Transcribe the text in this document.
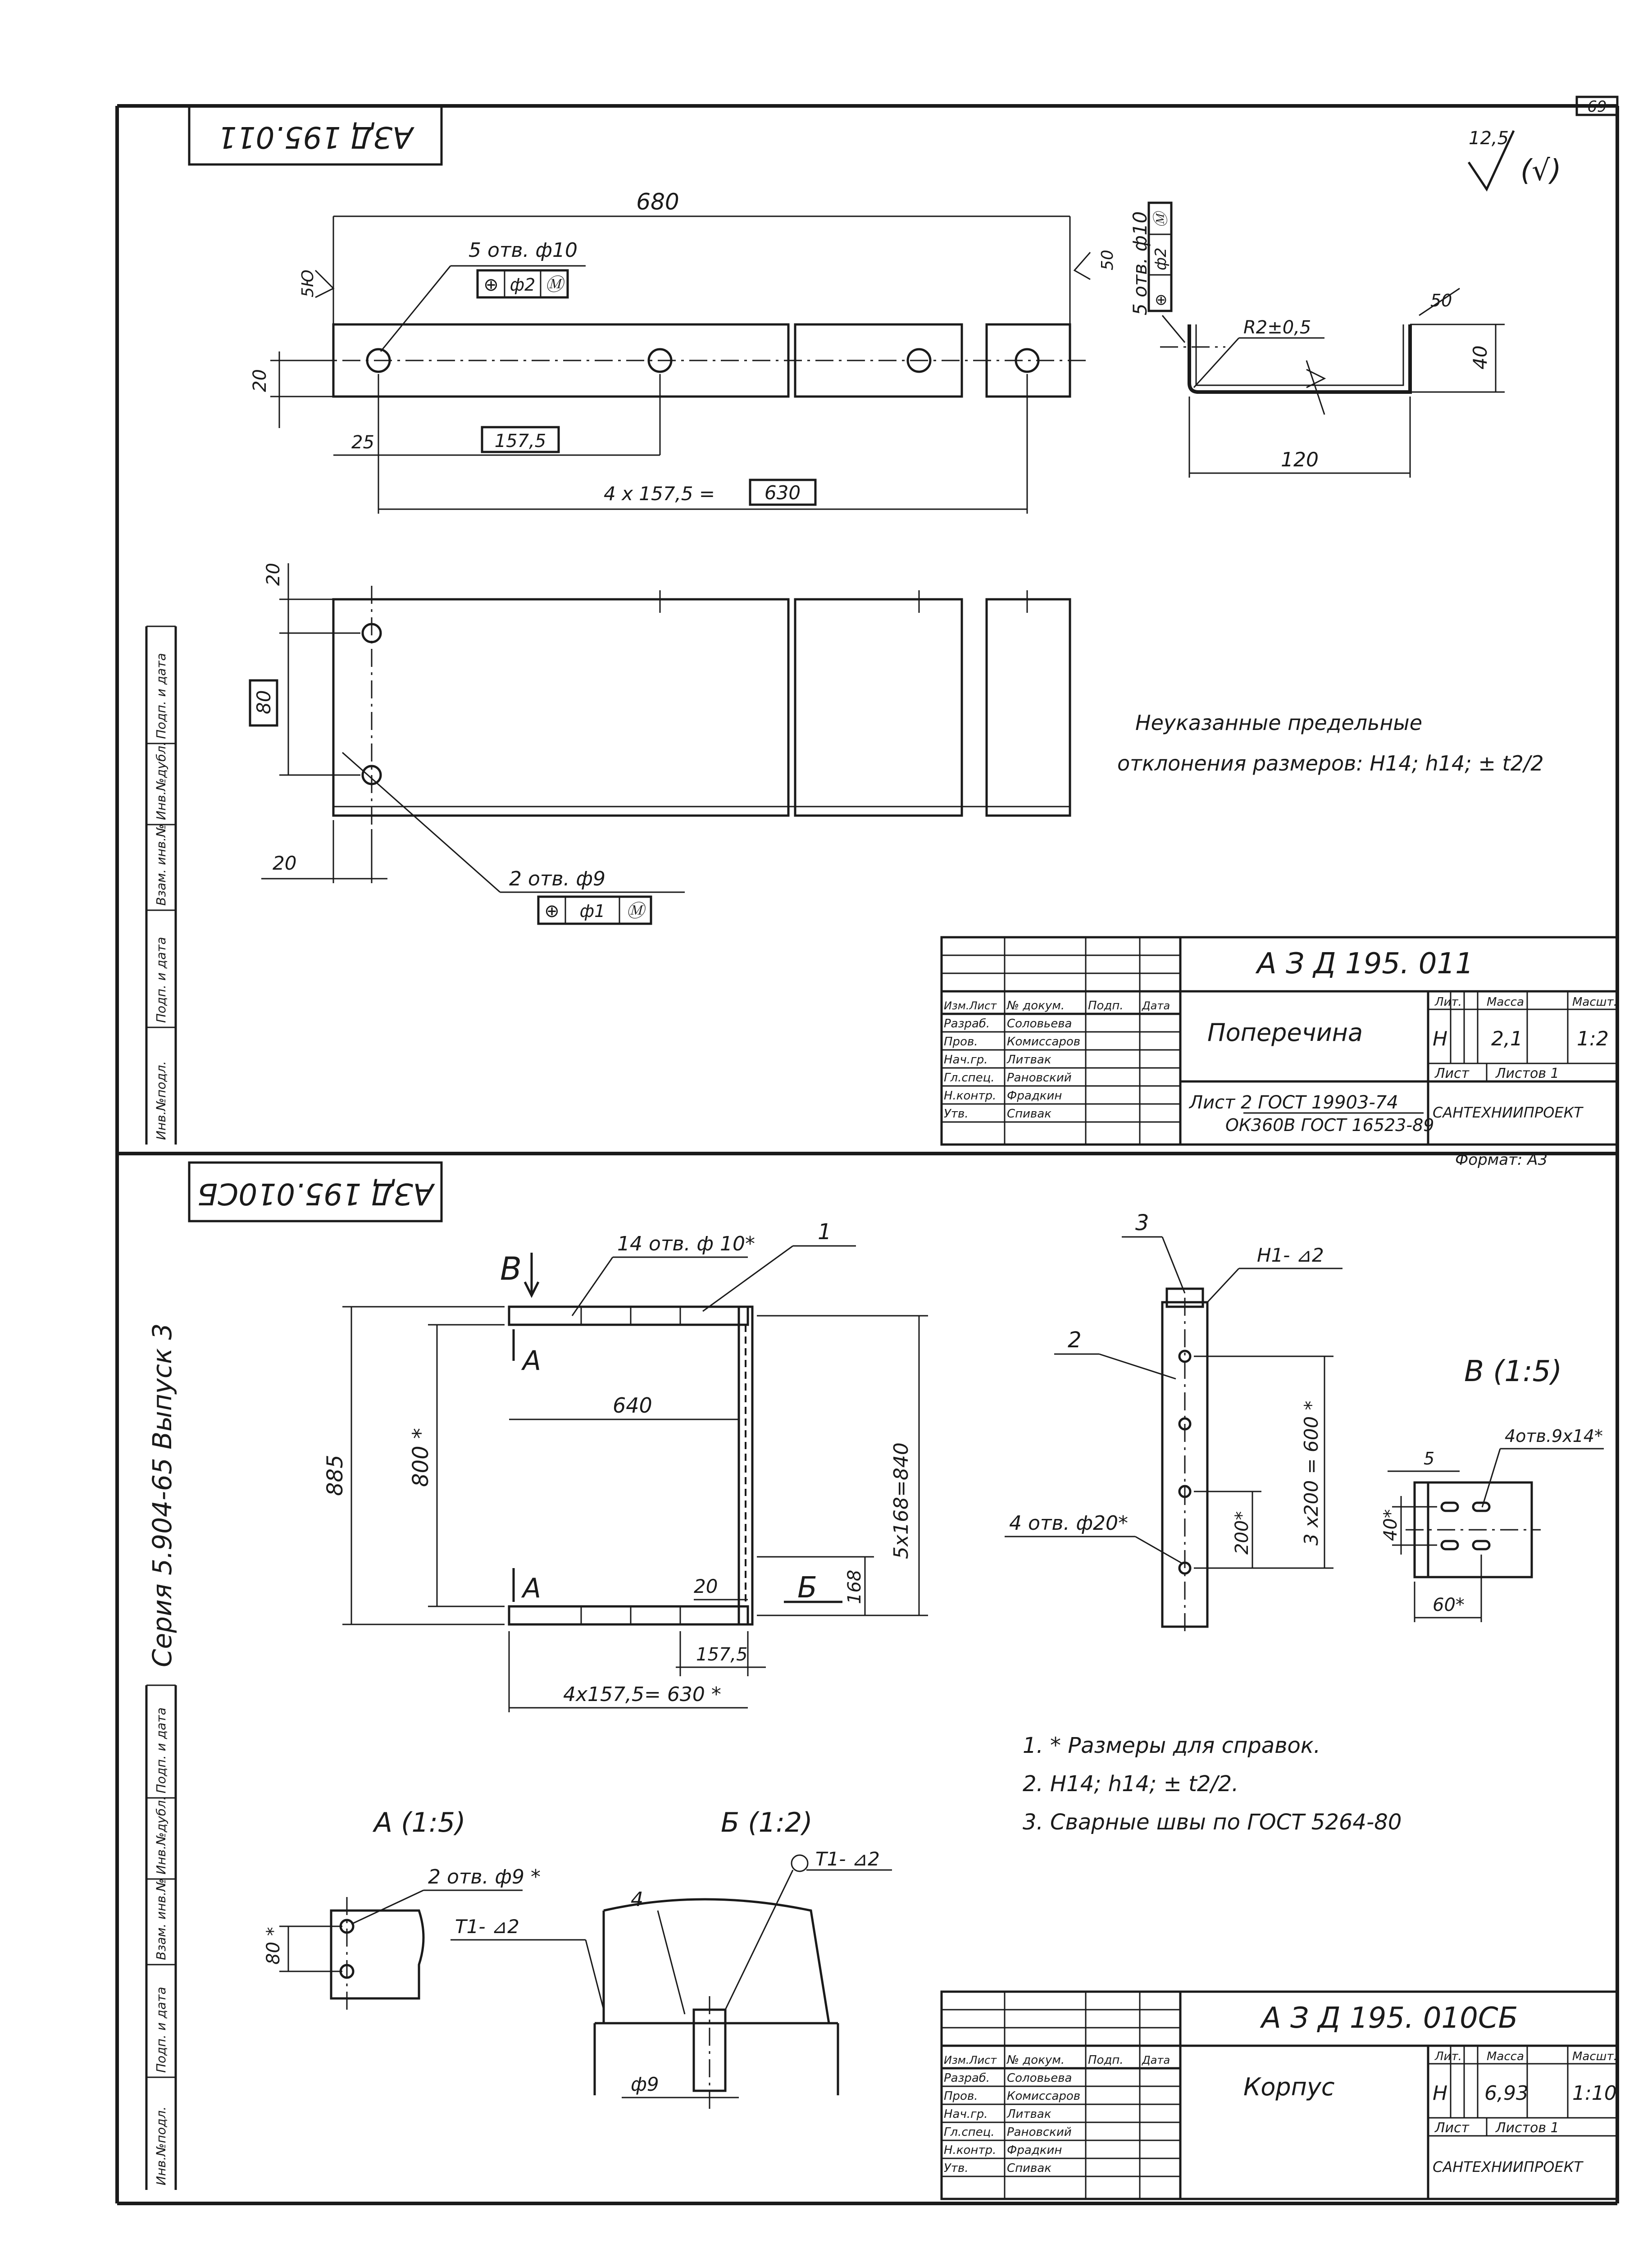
69
Подп. и дата
Инв.№дубл.
Взам. инв.№
Подп. и дата
Инв.№подл.
Подп. и дата
Инв.№дубл.
Взам. инв.№
Подп. и дата
Инв.№подл.
Серия 5.904-65 Выпуск 3
АЗД 195.011	12,5
(√)
680
5 отв. ф10
⊕ ф2 Ⓜ
5Ю
50
20
25	157,5
4 х 157,5 =	630
5 отв. ф10 Ⓜ
ф2
⊕
R2±0,5
120
40
50
20
80
20
2 отв. ф9
⊕ ф1 Ⓜ
Неуказанные предельные
отклонения размеров: Н14; h14; ± t2/2
Изм.Лист № докум. Подп. Дата
Разраб. Соловьева
Пров. Комиссаров
Нач.гр. Литвак
Гл.спец. Рановский
Н.контр. Фрадкин
Утв.	Спивак
А З Д 195. 011
Поперечина
Лит. Масса	Масшт.
Н 2,1	1:2
Лист Листов 1
Лист 2 ГОСТ 19903-74
ОК360В ГОСТ 16523-89
САНТЕХНИИПРОЕКТ
Формат: А3
АЗД 195.010СБ
В
14 отв. ф 10*	1
А
А
885	800 *
640
5х168=840
168
20	Б
157,5
4х157,5= 630 *
3
Н1- ⊿2
2
4 отв. ф20*	200*	3 х200 = 600 *
В (1:5)
5
4отв.9х14*
40*
60*
1. * Размеры для справок.
2. Н14; h14; ± t2/2.
3. Сварные швы по ГОСТ 5264-80
А (1:5)
2 отв. ф9 *
80 *
Б (1:2)
4
Т1- ⊿2
Т1- ⊿2
ф9
Изм.Лист № докум. Подп. Дата
Разраб. Соловьева
Пров. Комиссаров
Нач.гр. Литвак
Гл.спец. Рановский
Н.контр. Фрадкин
Утв.	Спивак
А З Д 195. 010СБ
Корпус
Лит. Масса	Масшт.
Н 6,93 1:10
Лист Листов 1
САНТЕХНИИПРОЕКТ
